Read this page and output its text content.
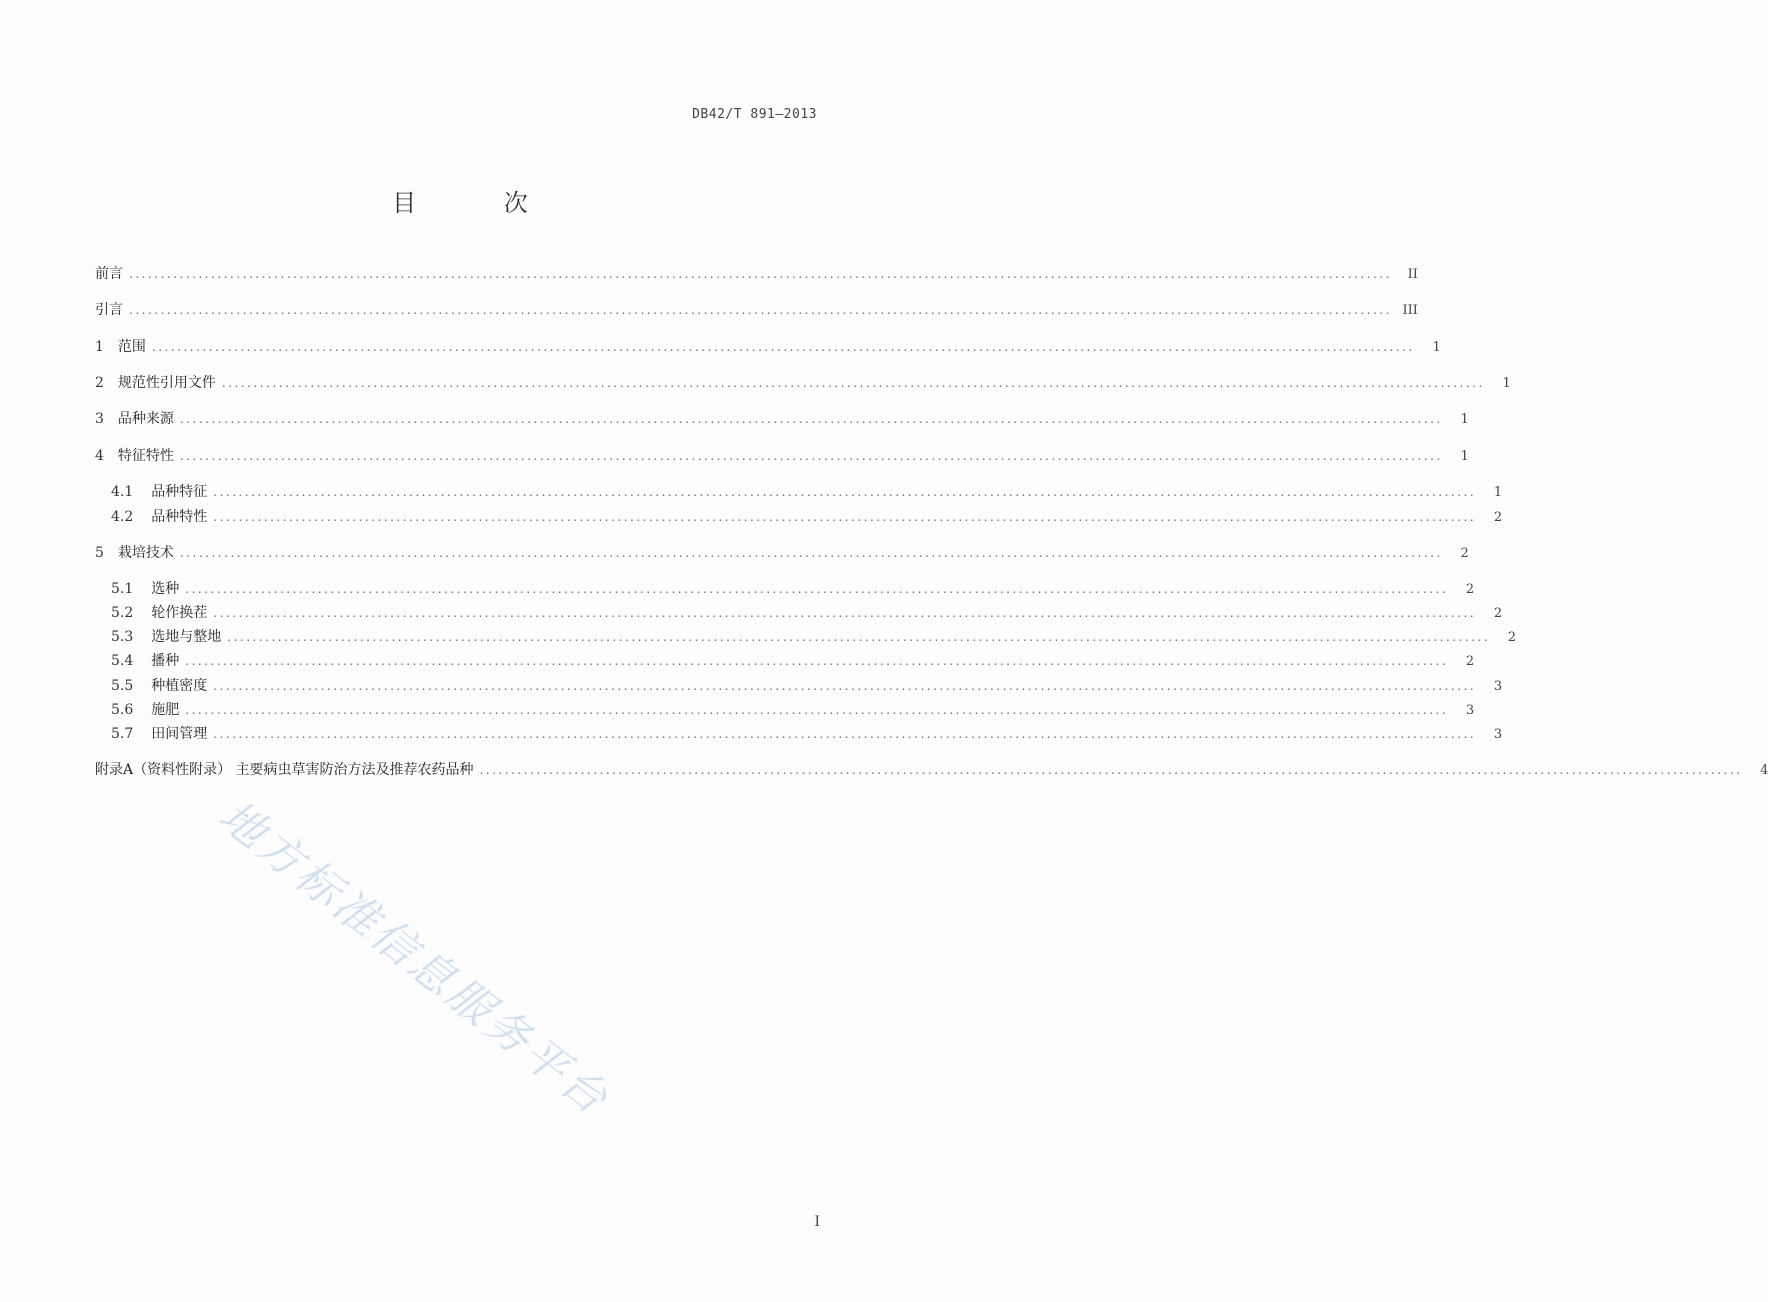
DB42/T 891—2013
目 次
前言 ........................................................................................................................................................................................................	II
引言 ........................................................................................................................................................................................................ III
1 范围 ........................................................................................................................................................................................................	1
2 规范性引用文件 ........................................................................................................................................................................................................	1
3 品种来源 ........................................................................................................................................................................................................	1
4 特征特性 ........................................................................................................................................................................................................	1
4.1 品种特征 ........................................................................................................................................................................................................	1
4.2 品种特性 ........................................................................................................................................................................................................	2
5 栽培技术 ........................................................................................................................................................................................................	2
5.1 选种 ........................................................................................................................................................................................................	2
5.2 轮作换茬 ........................................................................................................................................................................................................	2
5.3 选地与整地 ........................................................................................................................................................................................................	2
5.4 播种 ........................................................................................................................................................................................................	2
5.5 种植密度 ........................................................................................................................................................................................................	3
5.6 施肥 ........................................................................................................................................................................................................	3
5.7 田间管理 ........................................................................................................................................................................................................	3
附录A（资料性附录） 主要病虫草害防治方法及推荐农药品种 ........................................................................................................................................................................................................	4
地方标准信息服务平台
I
